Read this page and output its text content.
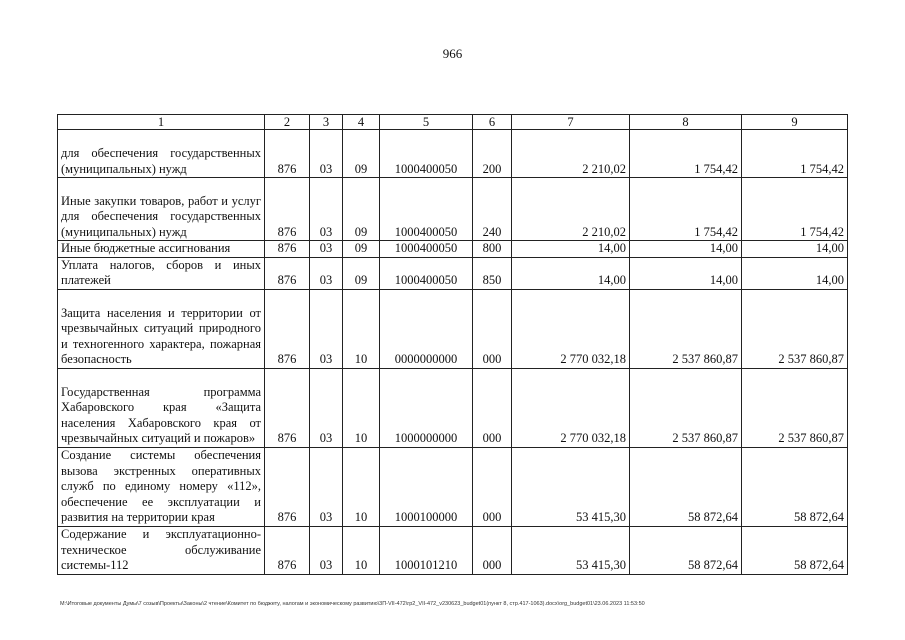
966
1	2	3	4	5	6	7	8	9
для обеспечения государственных (муниципальных) нужд	876	03	09	1000400050	200	2 210,02	1 754,42	1 754,42
Иные закупки товаров, работ и услуг для обеспечения государственных (муниципальных) нужд	876	03	09	1000400050	240	2 210,02	1 754,42	1 754,42
Иные бюджетные ассигнования	876	03	09	1000400050	800	14,00	14,00	14,00
Уплата налогов, сборов и иных платежей	876	03	09	1000400050	850	14,00	14,00	14,00
Защита населения и территории от чрезвычайных ситуаций природного и техногенного характера, пожарная безопасность	876	03	10	0000000000	000	2 770 032,18	2 537 860,87	2 537 860,87
Государственная программа Хабаровского края «Защита населения Хабаровского края от чрезвычайных ситуаций и пожаров»	876	03	10	1000000000	000	2 770 032,18	2 537 860,87	2 537 860,87
Создание системы обеспечения вызова экстренных оперативных служб по единому номеру «112», обеспечение ее эксплуатации и развития на территории края	876	03	10	1000100000	000	53 415,30	58 872,64	58 872,64
Содержание и эксплуатационно-техническое обслуживание системы-112	876	03	10	1000101210	000	53 415,30	58 872,64	58 872,64
M:\Итоговые документы Думы\7 созыв\Проекты\Законы\2 чтение\Комитет по бюджету, налогам и экономическому развитию\3П-VII-472\гр2_VII-472_v230623_budget01(пункт 8, стр.417-1063).docx\org_budget01\23.06.2023 11:53:50
